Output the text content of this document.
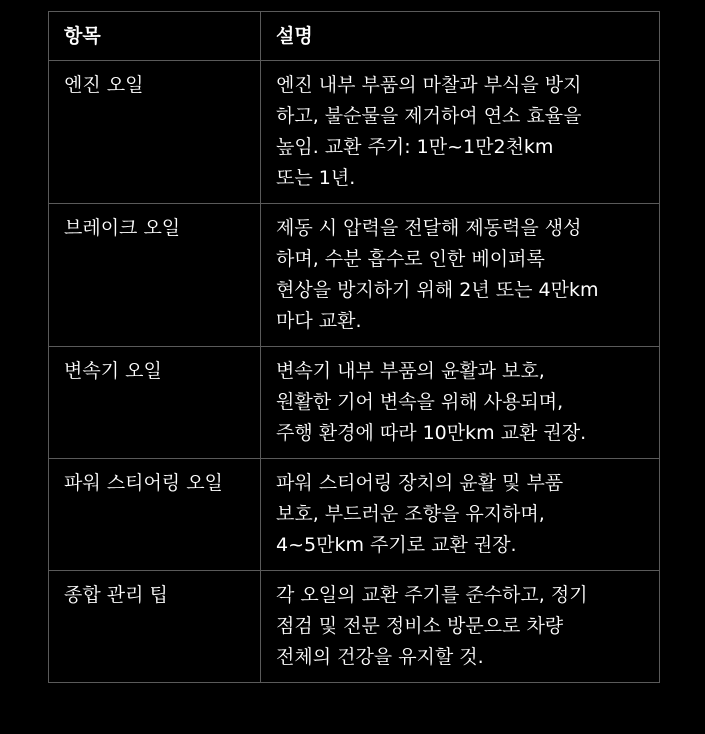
항목	설명

엔진 오일	엔진 내부 부품의 마찰과 부식을 방지
하고, 불순물을 제거하여 연소 효율을
높임. 교환 주기: 1만~1만2천km
또는 1년.

브레이크 오일	제동 시 압력을 전달해 제동력을 생성
하며, 수분 흡수로 인한 베이퍼록
현상을 방지하기 위해 2년 또는 4만km
마다 교환.

변속기 오일	변속기 내부 부품의 윤활과 보호,
원활한 기어 변속을 위해 사용되며,
주행 환경에 따라 10만km 교환 권장.

파워 스티어링 오일	파워 스티어링 장치의 윤활 및 부품
보호, 부드러운 조향을 유지하며,
4~5만km 주기로 교환 권장.

종합 관리 팁	각 오일의 교환 주기를 준수하고, 정기
점검 및 전문 정비소 방문으로 차량
전체의 건강을 유지할 것.
